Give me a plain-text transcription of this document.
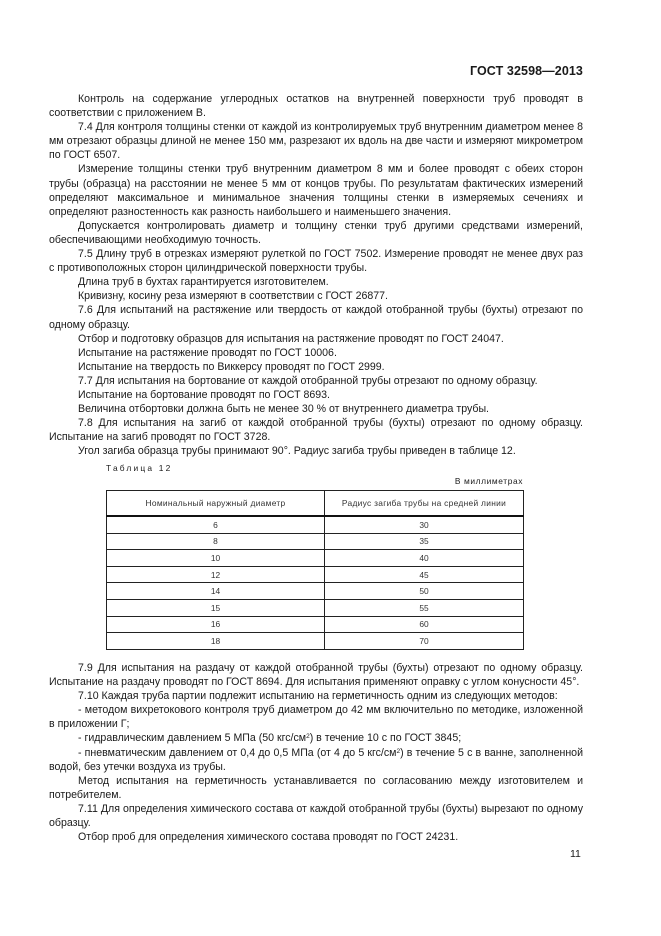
ГОСТ 32598—2013

Контроль на содержание углеродных остатков на внутренней поверхности труб проводят в соответствии с приложением В.

7.4 Для контроля толщины стенки от каждой из контролируемых труб внутренним диаметром менее 8 мм отрезают образцы длиной не менее 150 мм, разрезают их вдоль на две части и измеряют микрометром по ГОСТ 6507.

Измерение толщины стенки труб внутренним диаметром 8 мм и более проводят с обеих сторон трубы (образца) на расстоянии не менее 5 мм от концов трубы. По результатам фактических измерений определяют максимальное и минимальное значения толщины стенки в измеряемых сечениях и определяют разностенность как разность наибольшего и наименьшего значения.

Допускается контролировать диаметр и толщину стенки труб другими средствами измерений, обеспечивающими необходимую точность.

7.5 Длину труб в отрезках измеряют рулеткой по ГОСТ 7502. Измерение проводят не менее двух раз с противоположных сторон цилиндрической поверхности трубы.

Длина труб в бухтах гарантируется изготовителем.

Кривизну, косину реза измеряют в соответствии с ГОСТ 26877.

7.6 Для испытаний на растяжение или твердость от каждой отобранной трубы (бухты) отрезают по одному образцу.

Отбор и подготовку образцов для испытания на растяжение проводят по ГОСТ 24047.

Испытание на растяжение проводят по ГОСТ 10006.

Испытание на твердость по Виккерсу проводят по ГОСТ 2999.

7.7 Для испытания на бортование от каждой отобранной трубы отрезают по одному образцу.

Испытание на бортование проводят по ГОСТ 8693.

Величина отбортовки должна быть не менее 30 % от внутреннего диаметра трубы.

7.8 Для испытания на загиб от каждой отобранной трубы (бухты) отрезают по одному образцу. Испытание на загиб проводят по ГОСТ 3728.

Угол загиба образца трубы принимают 90°. Радиус загиба трубы приведен в таблице 12.

Таблица 12
В миллиметрах
Номинальный наружный диаметр	Радиус загиба трубы на средней линии
6	30
8	35
10	40
12	45
14	50
15	55
16	60
18	70

7.9 Для испытания на раздачу от каждой отобранной трубы (бухты) отрезают по одному образцу. Испытание на раздачу проводят по ГОСТ 8694. Для испытания применяют оправку с углом конусности 45°.

7.10 Каждая труба партии подлежит испытанию на герметичность одним из следующих методов:

- методом вихретокового контроля труб диаметром до 42 мм включительно по методике, изложенной в приложении Г;

- гидравлическим давлением 5 МПа (50 кгс/$см^2$) в течение 10 с по ГОСТ 3845;

- пневматическим давлением от 0,4 до 0,5 МПа (от 4 до 5 кгс/$см^2$) в течение 5 с в ванне, заполненной водой, без утечки воздуха из трубы.

Метод испытания на герметичность устанавливается по согласованию между изготовителем и потребителем.

7.11 Для определения химического состава от каждой отобранной трубы (бухты) вырезают по одному образцу.

Отбор проб для определения химического состава проводят по ГОСТ 24231.

11
